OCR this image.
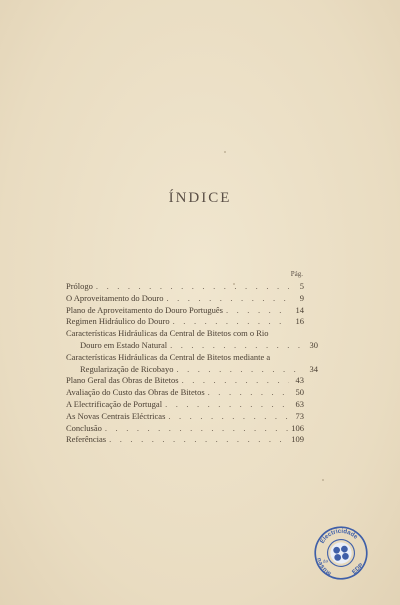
ÍNDICE
Pág.
Prólogo . . .	5
O Aproveitamento do Douro . . .	9
Plano de Aproveitamento do Douro Português . . .	14
Regimen Hidráulico do Douro . . .	16
Características Hidráulicas da Central de Bitetos com o Rio
Douro em Estado Natural . . .	30
Características Hidráulicas da Central de Bitetos mediante a
Regularização de Ricobayo . . .	34
Plano Geral das Obras de Bitetos . . .	43
Avaliação do Custo das Obras de Bitetos . . .	50
A Electrificação de Portugal . . .	63
As Novas Centrais Eléctricas . . .	73
Conclusão . . .	106
Referências . . .	109
Electricidade
Museu da
EDP
